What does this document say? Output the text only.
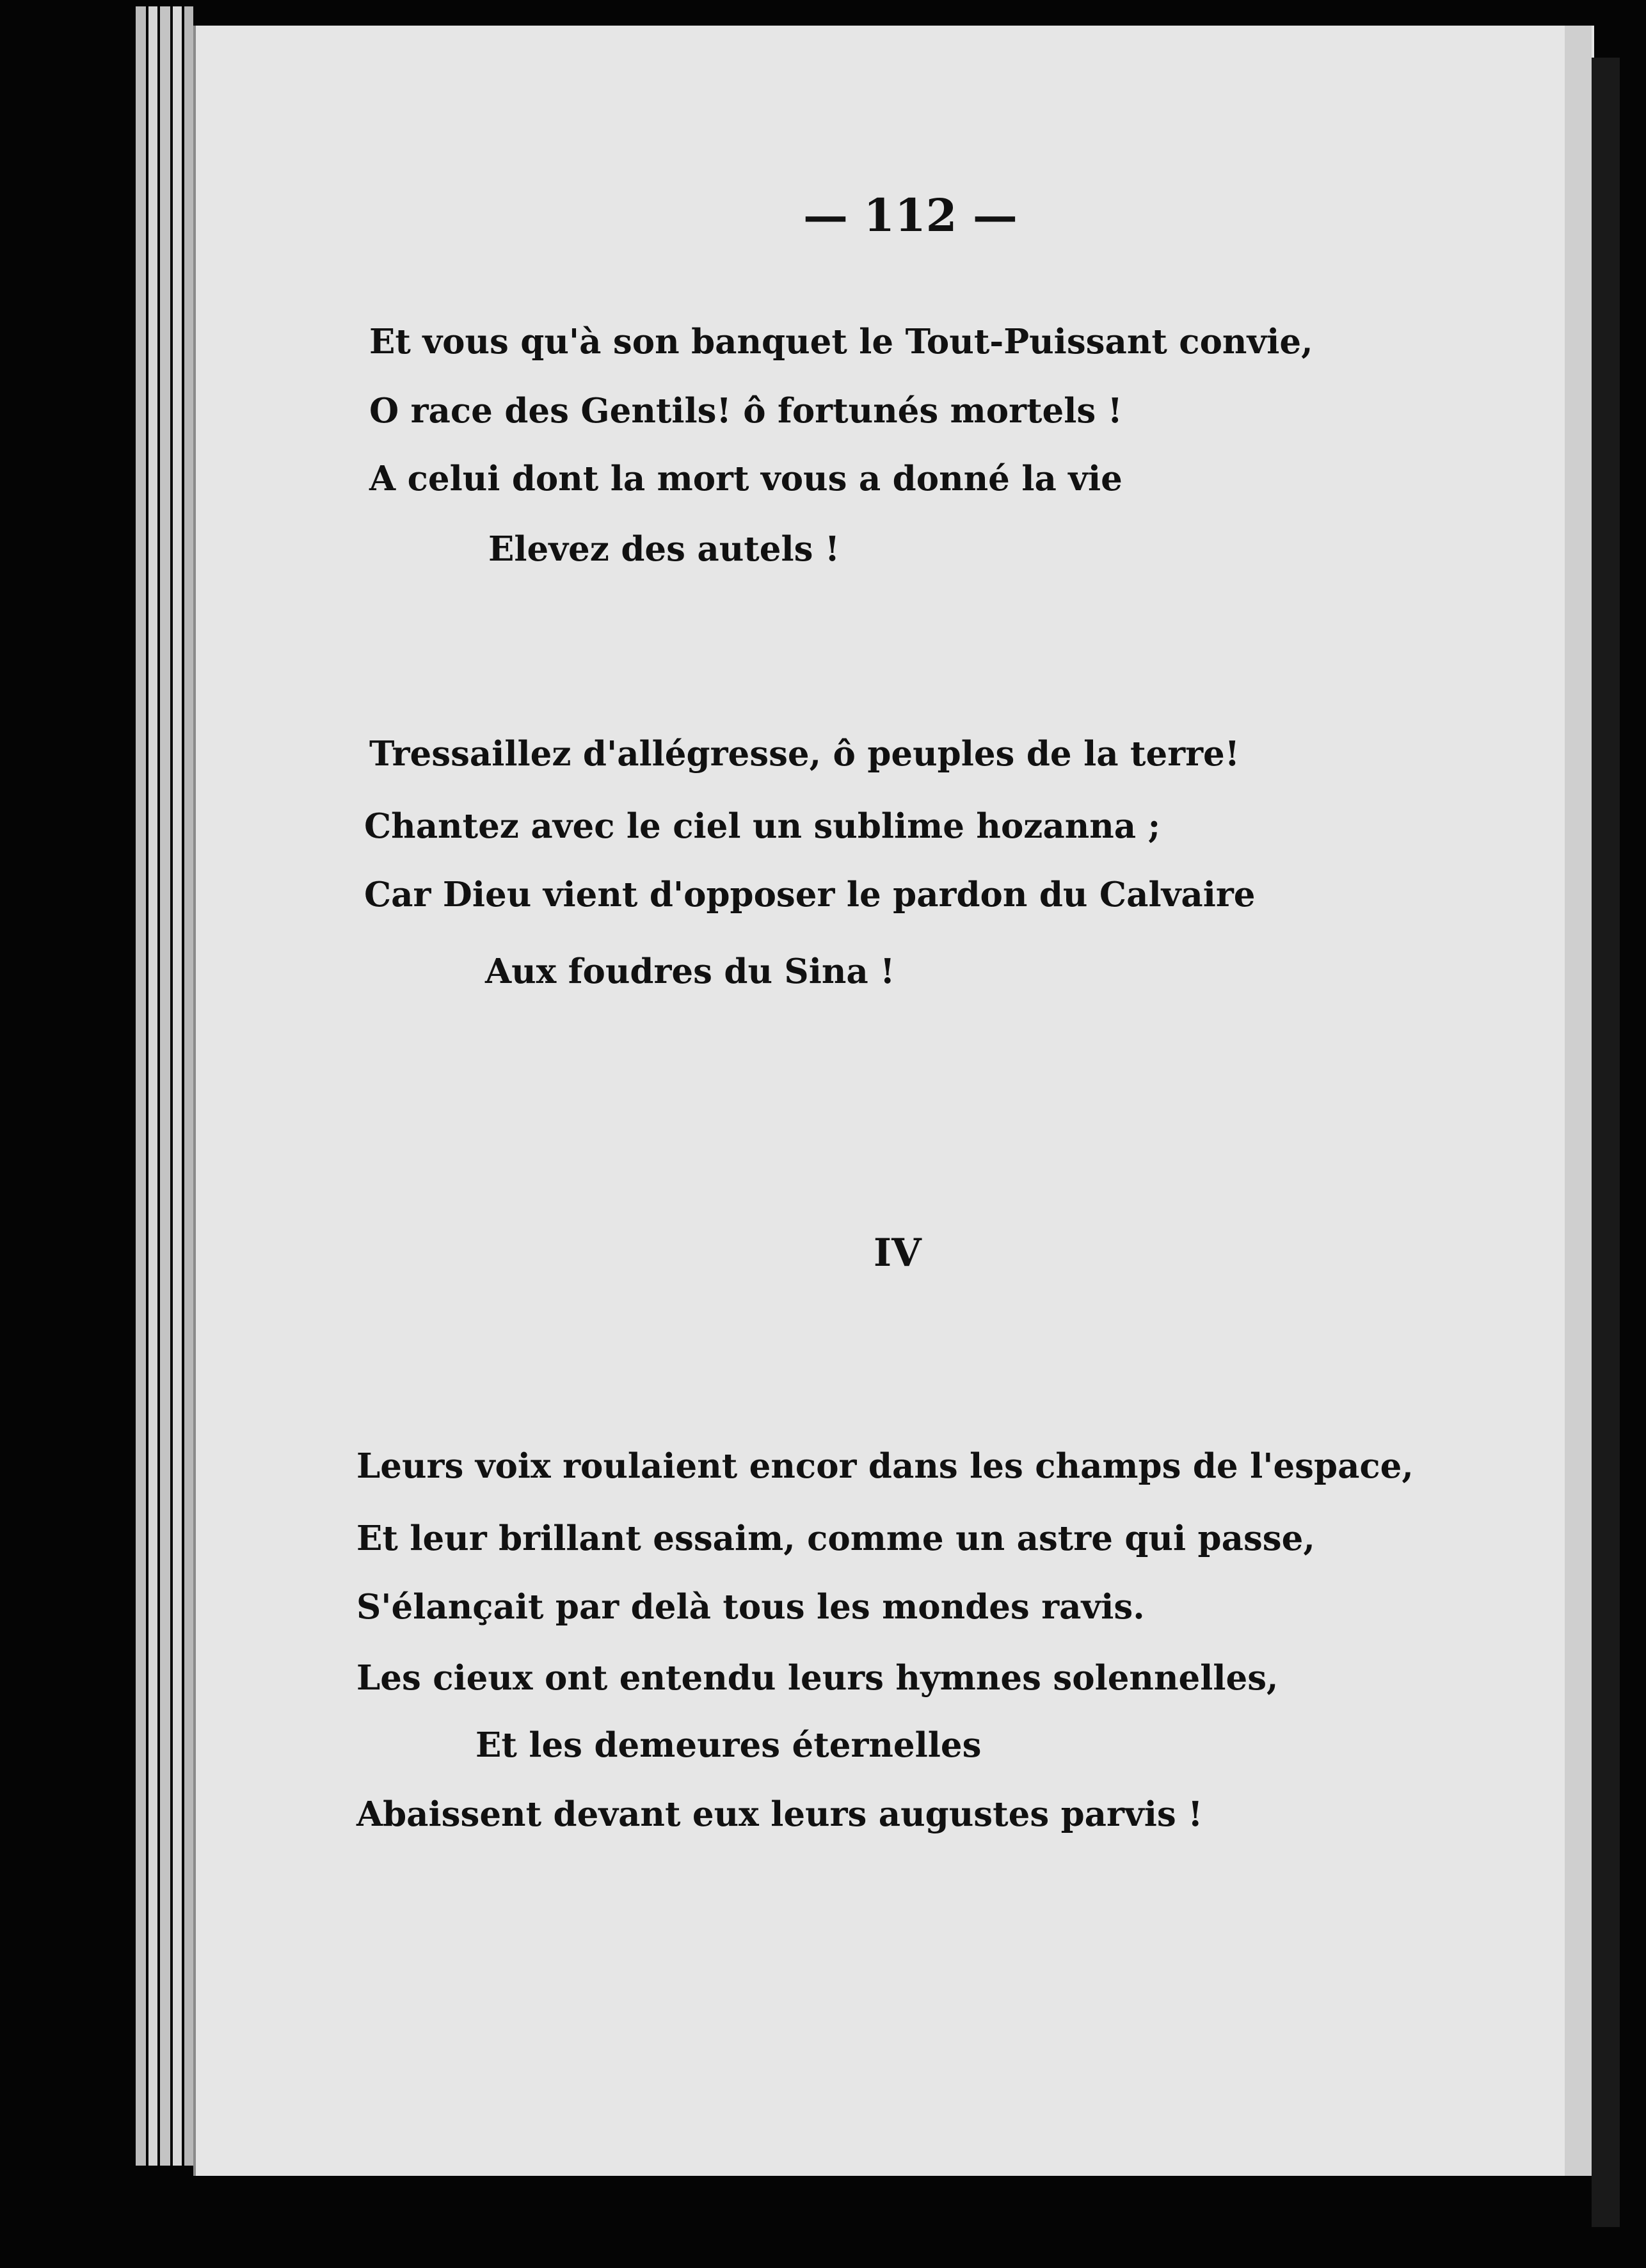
— 112 —
Et vous qu'à son banquet le Tout-Puissant convie,
O race des Gentils! ô fortunés mortels !
A celui dont la mort vous a donné la vie
Elevez des autels !
Tressaillez d'allégresse, ô peuples de la terre!
Chantez avec le ciel un sublime hozanna ;
Car Dieu vient d'opposer le pardon du Calvaire
Aux foudres du Sina !
IV
Leurs voix roulaient encor dans les champs de l'espace,
Et leur brillant essaim, comme un astre qui passe,
S'élançait par delà tous les mondes ravis.
Les cieux ont entendu leurs hymnes solennelles,
Et les demeures éternelles
Abaissent devant eux leurs augustes parvis !
